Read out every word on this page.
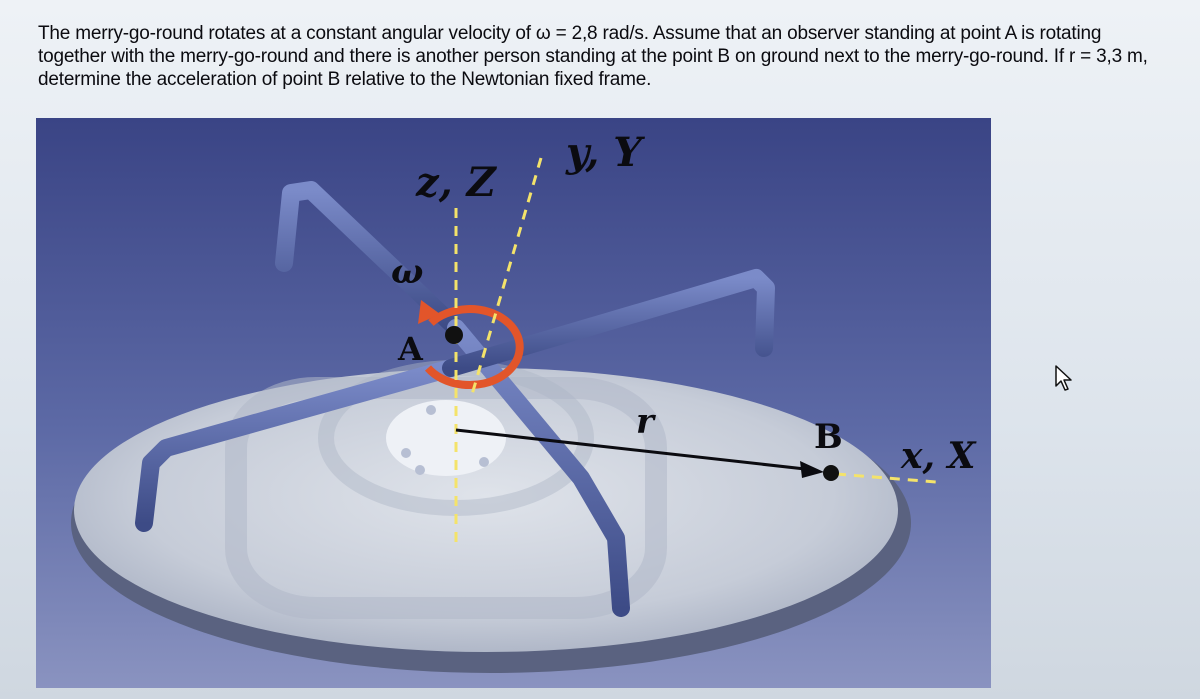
The merry-go-round rotates at a constant angular velocity of ω = 2,8 rad/s. Assume that an observer standing at point A is rotating
together with the merry-go-round and there is another person standing at the point B on ground next to the merry-go-round. If r = 3,3 m,
determine the acceleration of point B relative to the Newtonian fixed frame.
z, Z
y, Y
x, X
ω
A
B
r
